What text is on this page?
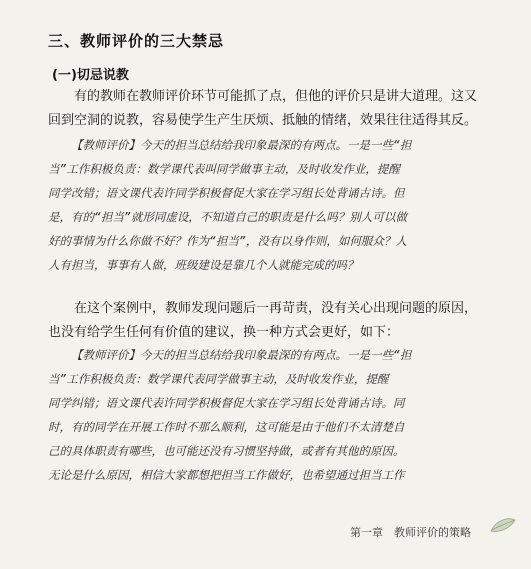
三、教师评价的三大禁忌
(一)切忌说教
有的教师在教师评价环节可能抓了点，但他的评价只是讲大道理。这又
回到空洞的说教，容易使学生产生厌烦、抵触的情绪，效果往往适得其反。
【教师评价】今天的担当总结给我印象最深的有两点。一是一些“担
当”工作积极负责：数学课代表叫同学做事主动，及时收发作业，提醒
同学改错；语文课代表许同学积极督促大家在学习组长处背诵古诗。但
是，有的“担当”就形同虚设，不知道自己的职责是什么吗？别人可以做
好的事情为什么你做不好？作为“担当”，没有以身作则，如何服众？人
人有担当，事事有人做，班级建设是靠几个人就能完成的吗？
在这个案例中，教师发现问题后一再苛责，没有关心出现问题的原因，
也没有给学生任何有价值的建议，换一种方式会更好，如下：
【教师评价】今天的担当总结给我印象最深的有两点。一是一些“担
当”工作积极负责：数学课代表同学做事主动，及时收发作业，提醒
同学纠错；语文课代表许同学积极督促大家在学习组长处背诵古诗。同
时，有的同学在开展工作时不那么顺利，这可能是由于他们不太清楚自
己的具体职责有哪些，也可能还没有习惯坚持做，或者有其他的原因。
无论是什么原因，相信大家都想把担当工作做好，也希望通过担当工作
第一章　教师评价的策略
